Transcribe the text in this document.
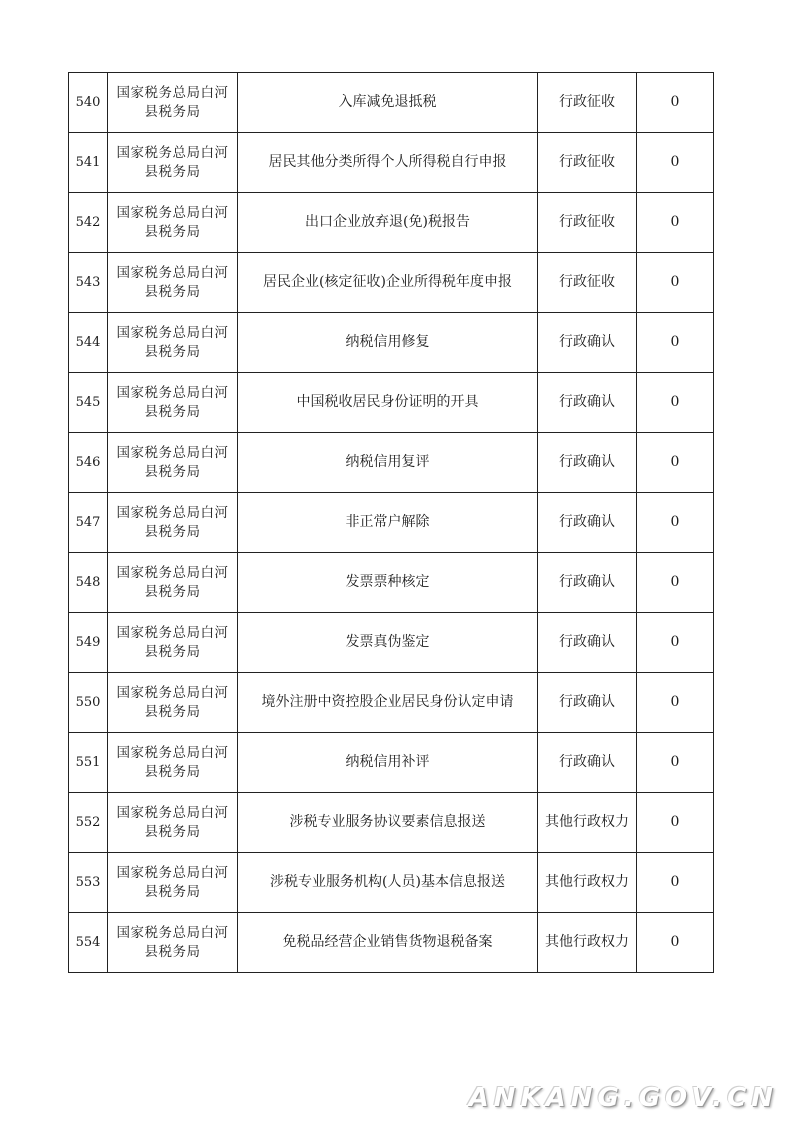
540	国家税务总局白河县税务局	入库减免退抵税	行政征收	0
541	国家税务总局白河县税务局	居民其他分类所得个人所得税自行申报	行政征收	0
542	国家税务总局白河县税务局	出口企业放弃退(免)税报告	行政征收	0
543	国家税务总局白河县税务局	居民企业(核定征收)企业所得税年度申报	行政征收	0
544	国家税务总局白河县税务局	纳税信用修复	行政确认	0
545	国家税务总局白河县税务局	中国税收居民身份证明的开具	行政确认	0
546	国家税务总局白河县税务局	纳税信用复评	行政确认	0
547	国家税务总局白河县税务局	非正常户解除	行政确认	0
548	国家税务总局白河县税务局	发票票种核定	行政确认	0
549	国家税务总局白河县税务局	发票真伪鉴定	行政确认	0
550	国家税务总局白河县税务局	境外注册中资控股企业居民身份认定申请	行政确认	0
551	国家税务总局白河县税务局	纳税信用补评	行政确认	0
552	国家税务总局白河县税务局	涉税专业服务协议要素信息报送	其他行政权力	0
553	国家税务总局白河县税务局	涉税专业服务机构(人员)基本信息报送	其他行政权力	0
554	国家税务总局白河县税务局	免税品经营企业销售货物退税备案	其他行政权力	0
ANKANG.GOV.CN
